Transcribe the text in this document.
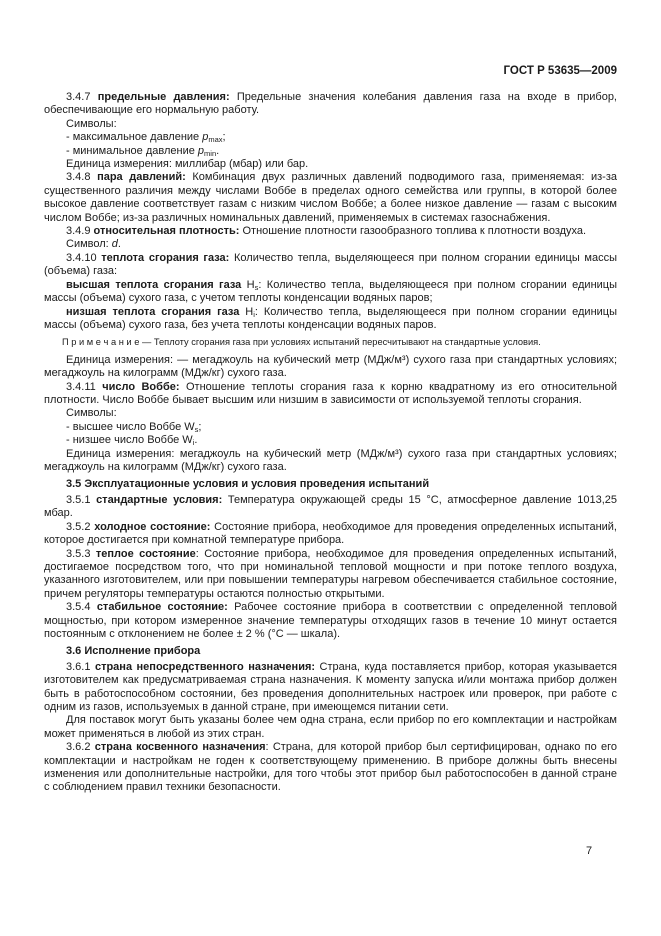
ГОСТ Р 53635—2009

3.4.7 предельные давления: Предельные значения колебания давления газа на входе в прибор, обеспечивающие его нормальную работу.

Символы:

- максимальное давление $p_{max}$;

- минимальное давление $p_{min}$.

Единица измерения: миллибар (мбар) или бар.

3.4.8 пара давлений: Комбинация двух различных давлений подводимого газа, применяемая: из-за существенного различия между числами Воббе в пределах одного семейства или группы, в которой более высокое давление соответствует газам с низким числом Воббе; а более низкое давление — газам с высоким числом Воббе; из-за различных номинальных давлений, применяемых в системах газоснабжения.

3.4.9 относительная плотность: Отношение плотности газообразного топлива к плотности воздуха.

Символ: d.

3.4.10 теплота сгорания газа: Количество тепла, выделяющееся при полном сгорании единицы массы (объема) газа:

высшая теплота сгорания газа $H_s$: Количество тепла, выделяющееся при полном сгорании единицы массы (объема) сухого газа, с учетом теплоты конденсации водяных паров;

низшая теплота сгорания газа $H_i$: Количество тепла, выделяющееся при полном сгорании единицы массы (объема) сухого газа, без учета теплоты конденсации водяных паров.

П р и м е ч а н и е — Теплоту сгорания газа при условиях испытаний пересчитывают на стандартные условия.

Единица измерения: — мегаджоуль на кубический метр (МДж/м³) сухого газа при стандартных условиях; мегаджоуль на килограмм (МДж/кг) сухого газа.

3.4.11 число Воббе: Отношение теплоты сгорания газа к корню квадратному из его относительной плотности. Число Воббе бывает высшим или низшим в зависимости от используемой теплоты сгорания.

Символы:

- высшее число Воббе $W_s$;

- низшее число Воббе $W_i$.

Единица измерения: мегаджоуль на кубический метр (МДж/м³) сухого газа при стандартных условиях; мегаджоуль на килограмм (МДж/кг) сухого газа.

3.5 Эксплуатационные условия и условия проведения испытаний

3.5.1 стандартные условия: Температура окружающей среды 15 °С, атмосферное давление 1013,25 мбар.

3.5.2 холодное состояние: Состояние прибора, необходимое для проведения определенных испытаний, которое достигается при комнатной температуре прибора.

3.5.3 теплое состояние: Состояние прибора, необходимое для проведения определенных испытаний, достигаемое посредством того, что при номинальной тепловой мощности и при потоке теплого воздуха, указанного изготовителем, или при повышении температуры нагревом обеспечивается стабильное состояние, причем регуляторы температуры остаются полностью открытыми.

3.5.4 стабильное состояние: Рабочее состояние прибора в соответствии с определенной тепловой мощностью, при котором измеренное значение температуры отходящих газов в течение 10 минут остается постоянным с отклонением не более ± 2 % (°С — шкала).

3.6 Исполнение прибора

3.6.1 страна непосредственного назначения: Страна, куда поставляется прибор, которая указывается изготовителем как предусматриваемая страна назначения. К моменту запуска и/или монтажа прибор должен быть в работоспособном состоянии, без проведения дополнительных настроек или проверок, при работе с одним из газов, используемых в данной стране, при имеющемся питании сети.

Для поставок могут быть указаны более чем одна страна, если прибор по его комплектации и настройкам может применяться в любой из этих стран.

3.6.2 страна косвенного назначения: Страна, для которой прибор был сертифицирован, однако по его комплектации и настройкам не годен к соответствующему применению. В приборе должны быть внесены изменения или дополнительные настройки, для того чтобы этот прибор был работоспособен в данной стране с соблюдением правил техники безопасности.

7
